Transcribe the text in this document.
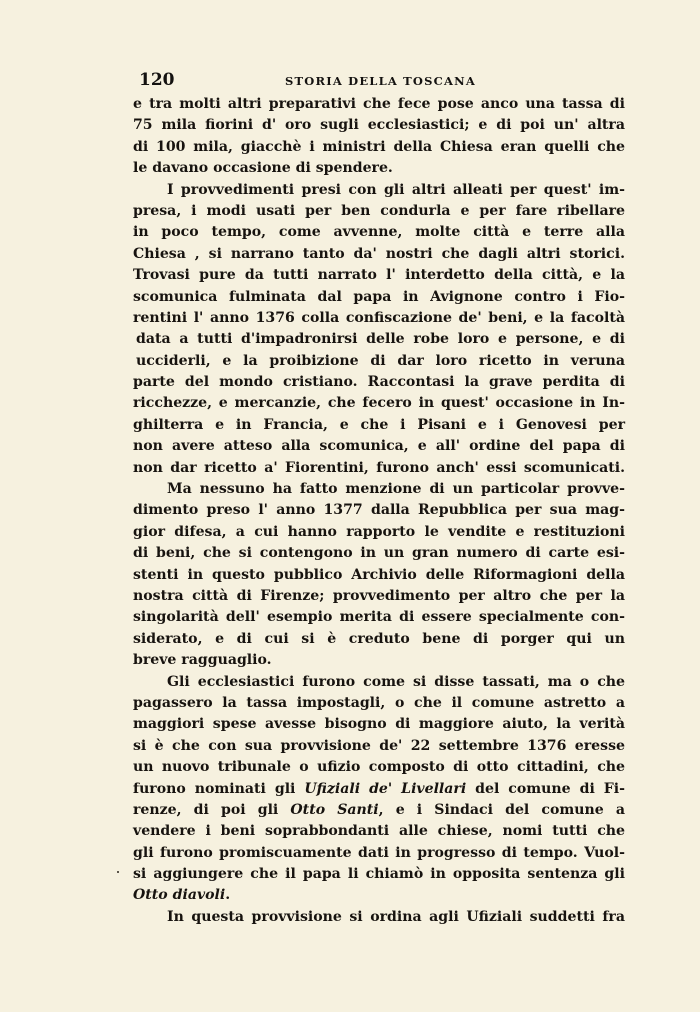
120	STORIA DELLA TOSCANA
e tra molti altri preparativi che fece pose anco una tassa di
75 mila fiorini d' oro sugli ecclesiastici; e di poi un' altra
di 100 mila, giacchè i ministri della Chiesa eran quelli che
le davano occasione di spendere.
I provvedimenti presi con gli altri alleati per quest' im-
presa, i modi usati per ben condurla e per fare ribellare
in poco tempo, come avvenne, molte città e terre alla
Chiesa , si narrano tanto da' nostri che dagli altri storici.
Trovasi pure da tutti narrato l' interdetto della città, e la
scomunica fulminata dal papa in Avignone contro i Fio-
rentini l' anno 1376 colla confiscazione de' beni, e la facoltà
data a tutti d'impadronirsi delle robe loro e persone, e di
ucciderli, e la proibizione di dar loro ricetto in veruna
parte del mondo cristiano. Raccontasi la grave perdita di
ricchezze, e mercanzie, che fecero in quest' occasione in In-
ghilterra e in Francia, e che i Pisani e i Genovesi per
non avere atteso alla scomunica, e all' ordine del papa di
non dar ricetto a' Fiorentini, furono anch' essi scomunicati.
Ma nessuno ha fatto menzione di un particolar provve-
dimento preso l' anno 1377 dalla Repubblica per sua mag-
gior difesa, a cui hanno rapporto le vendite e restituzioni
di beni, che si contengono in un gran numero di carte esi-
stenti in questo pubblico Archivio delle Riformagioni della
nostra città di Firenze; provvedimento per altro che per la
singolarità dell' esempio merita di essere specialmente con-
siderato, e di cui si è creduto bene di porger qui un
breve ragguaglio.
Gli ecclesiastici furono come si disse tassati, ma o che
pagassero la tassa impostagli, o che il comune astretto a
maggiori spese avesse bisogno di maggiore aiuto, la verità
si è che con sua provvisione de' 22 settembre 1376 eresse
un nuovo tribunale o ufizio composto di otto cittadini, che
furono nominati gli Ufiziali de' Livellari del comune di Fi-
renze, di poi gli Otto Santi, e i Sindaci del comune a
vendere i beni soprabbondanti alle chiese, nomi tutti che
gli furono promiscuamente dati in progresso di tempo. Vuol-
si aggiungere che il papa li chiamò in opposita sentenza gli
Otto diavoli.
In questa provvisione si ordina agli Ufiziali suddetti fra
